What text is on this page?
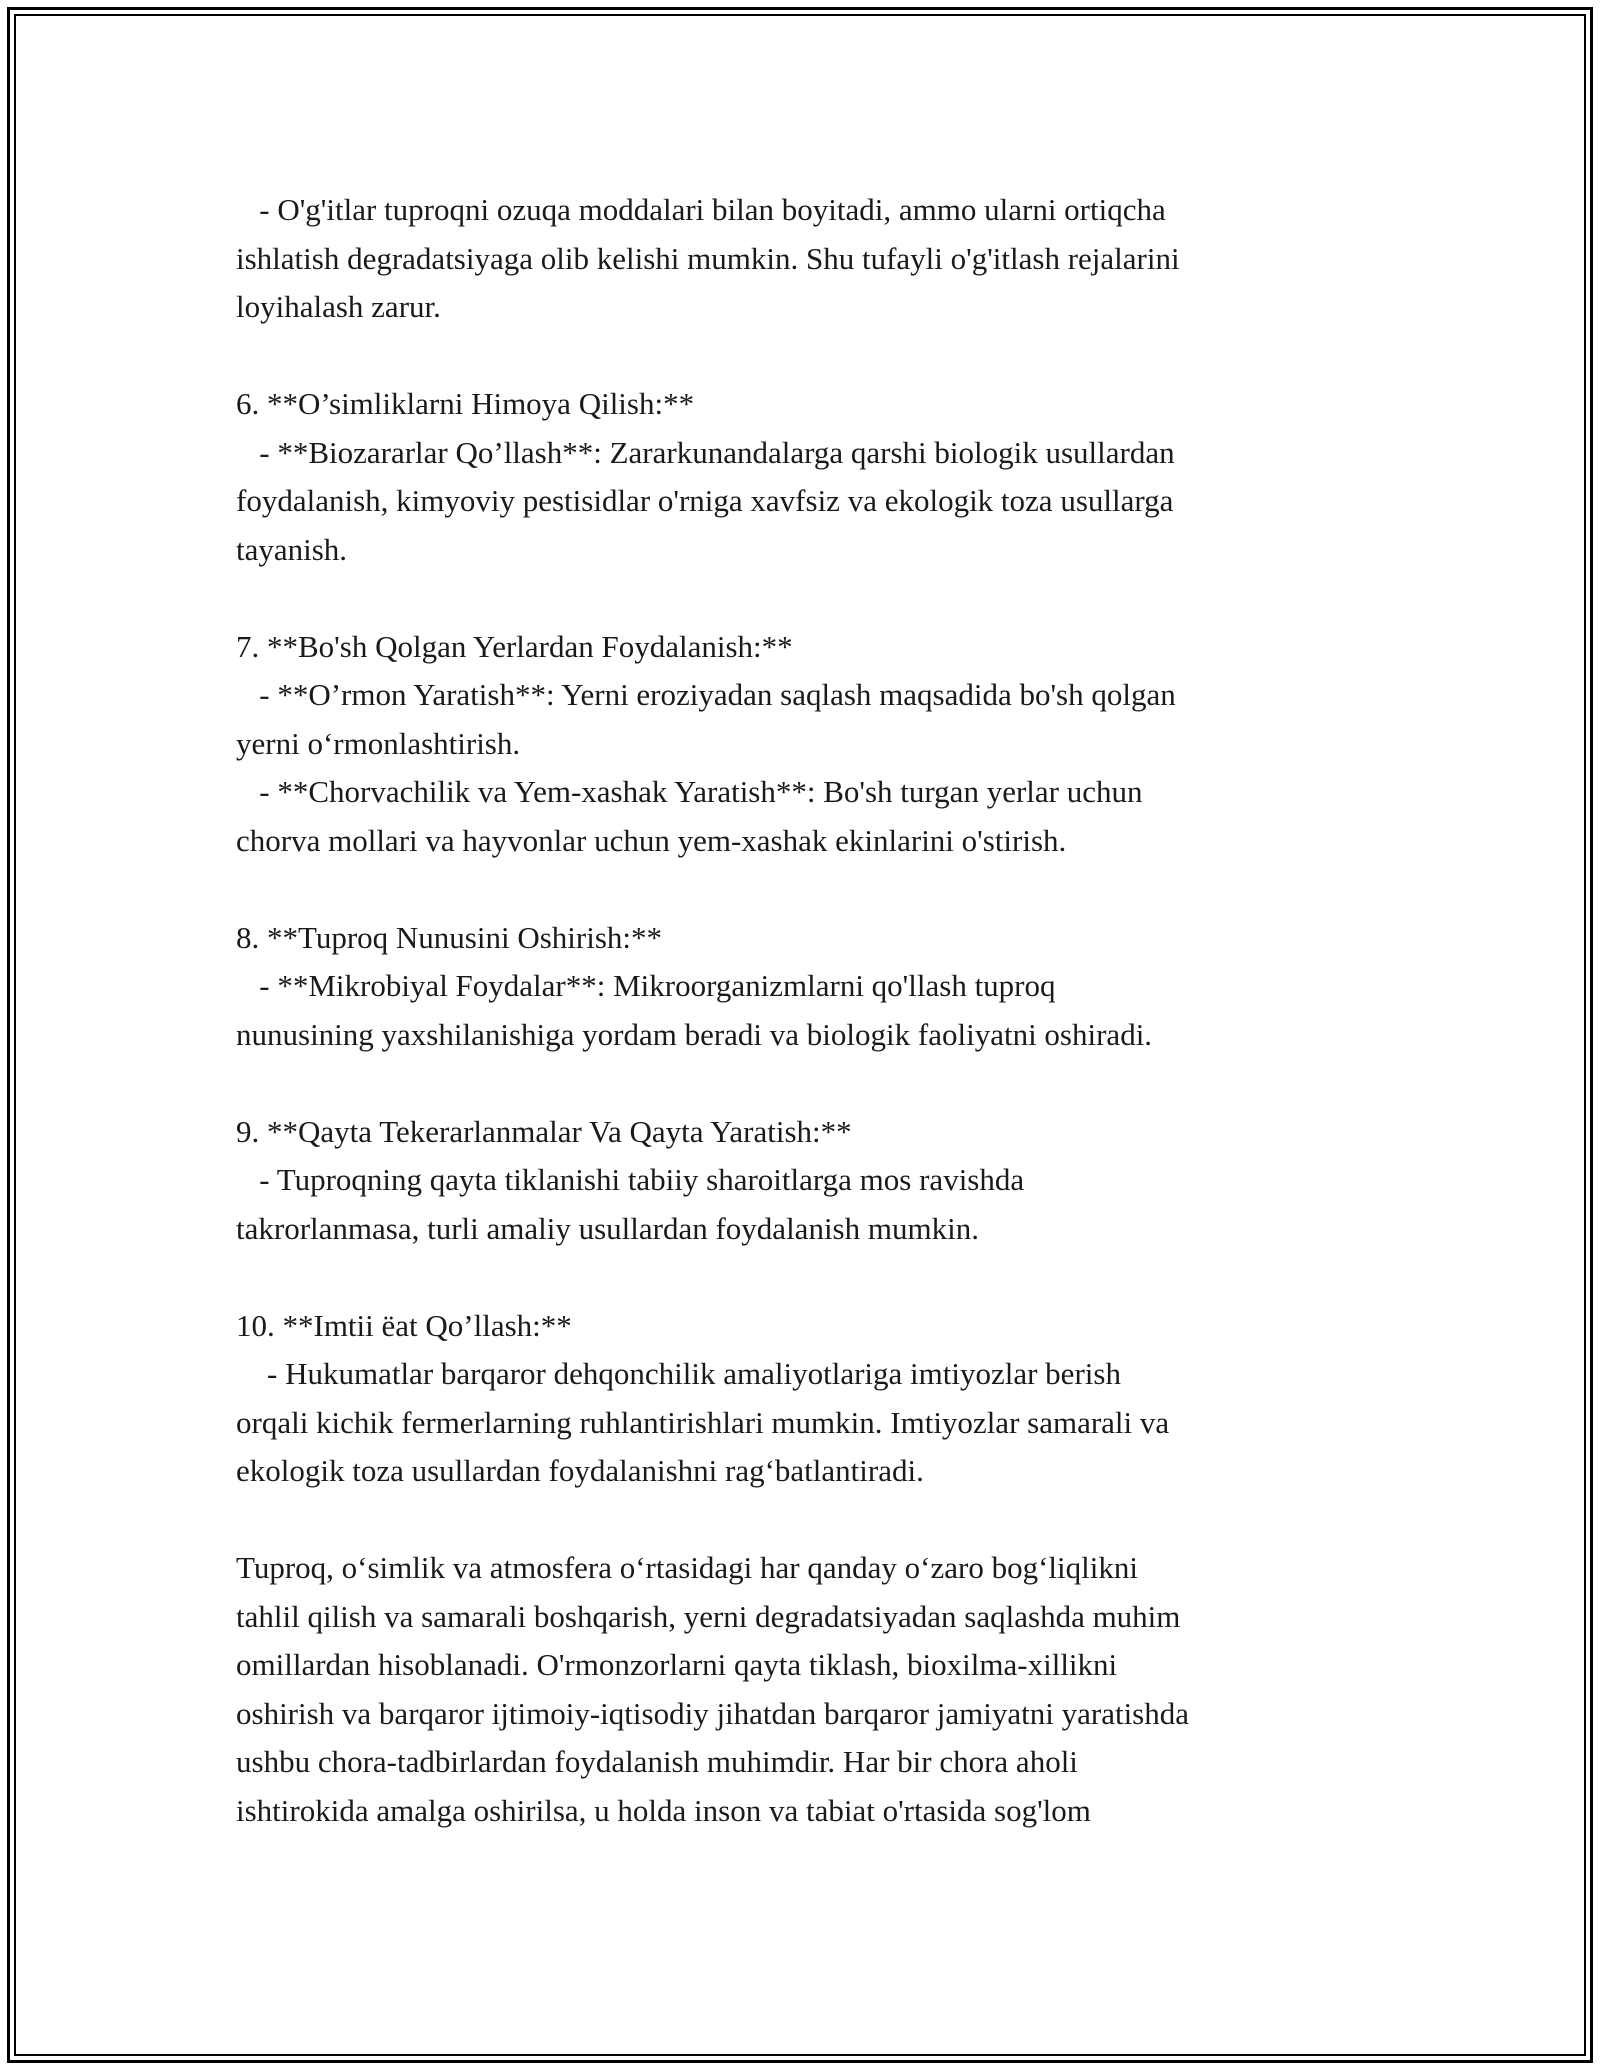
- O'g'itlar tuproqni ozuqa moddalari bilan boyitadi, ammo ularni ortiqcha
ishlatish degradatsiyaga olib kelishi mumkin. Shu tufayli o'g'itlash rejalarini
loyihalash zarur.
6. **O’simliklarni Himoya Qilish:**
- **Biozararlar Qo’llash**: Zararkunandalarga qarshi biologik usullardan
foydalanish, kimyoviy pestisidlar o'rniga xavfsiz va ekologik toza usullarga
tayanish.
7. **Bo'sh Qolgan Yerlardan Foydalanish:**
- **O’rmon Yaratish**: Yerni eroziyadan saqlash maqsadida bo'sh qolgan
yerni o‘rmonlashtirish.
- **Chorvachilik va Yem-xashak Yaratish**: Bo'sh turgan yerlar uchun
chorva mollari va hayvonlar uchun yem-xashak ekinlarini o'stirish.
8. **Tuproq Nunusini Oshirish:**
- **Mikrobiyal Foydalar**: Mikroorganizmlarni qo'llash tuproq
nunusining yaxshilanishiga yordam beradi va biologik faoliyatni oshiradi.
9. **Qayta Tekerarlanmalar Va Qayta Yaratish:**
- Tuproqning qayta tiklanishi tabiiy sharoitlarga mos ravishda
takrorlanmasa, turli amaliy usullardan foydalanish mumkin.
10. **Imtii ëat Qo’llash:**
- Hukumatlar barqaror dehqonchilik amaliyotlariga imtiyozlar berish
orqali kichik fermerlarning ruhlantirishlari mumkin. Imtiyozlar samarali va
ekologik toza usullardan foydalanishni rag‘batlantiradi.
Tuproq, o‘simlik va atmosfera o‘rtasidagi har qanday o‘zaro bog‘liqlikni
tahlil qilish va samarali boshqarish, yerni degradatsiyadan saqlashda muhim
omillardan hisoblanadi. O'rmonzorlarni qayta tiklash, bioxilma-xillikni
oshirish va barqaror ijtimoiy-iqtisodiy jihatdan barqaror jamiyatni yaratishda
ushbu chora-tadbirlardan foydalanish muhimdir. Har bir chora aholi
ishtirokida amalga oshirilsa, u holda inson va tabiat o'rtasida sog'lom
